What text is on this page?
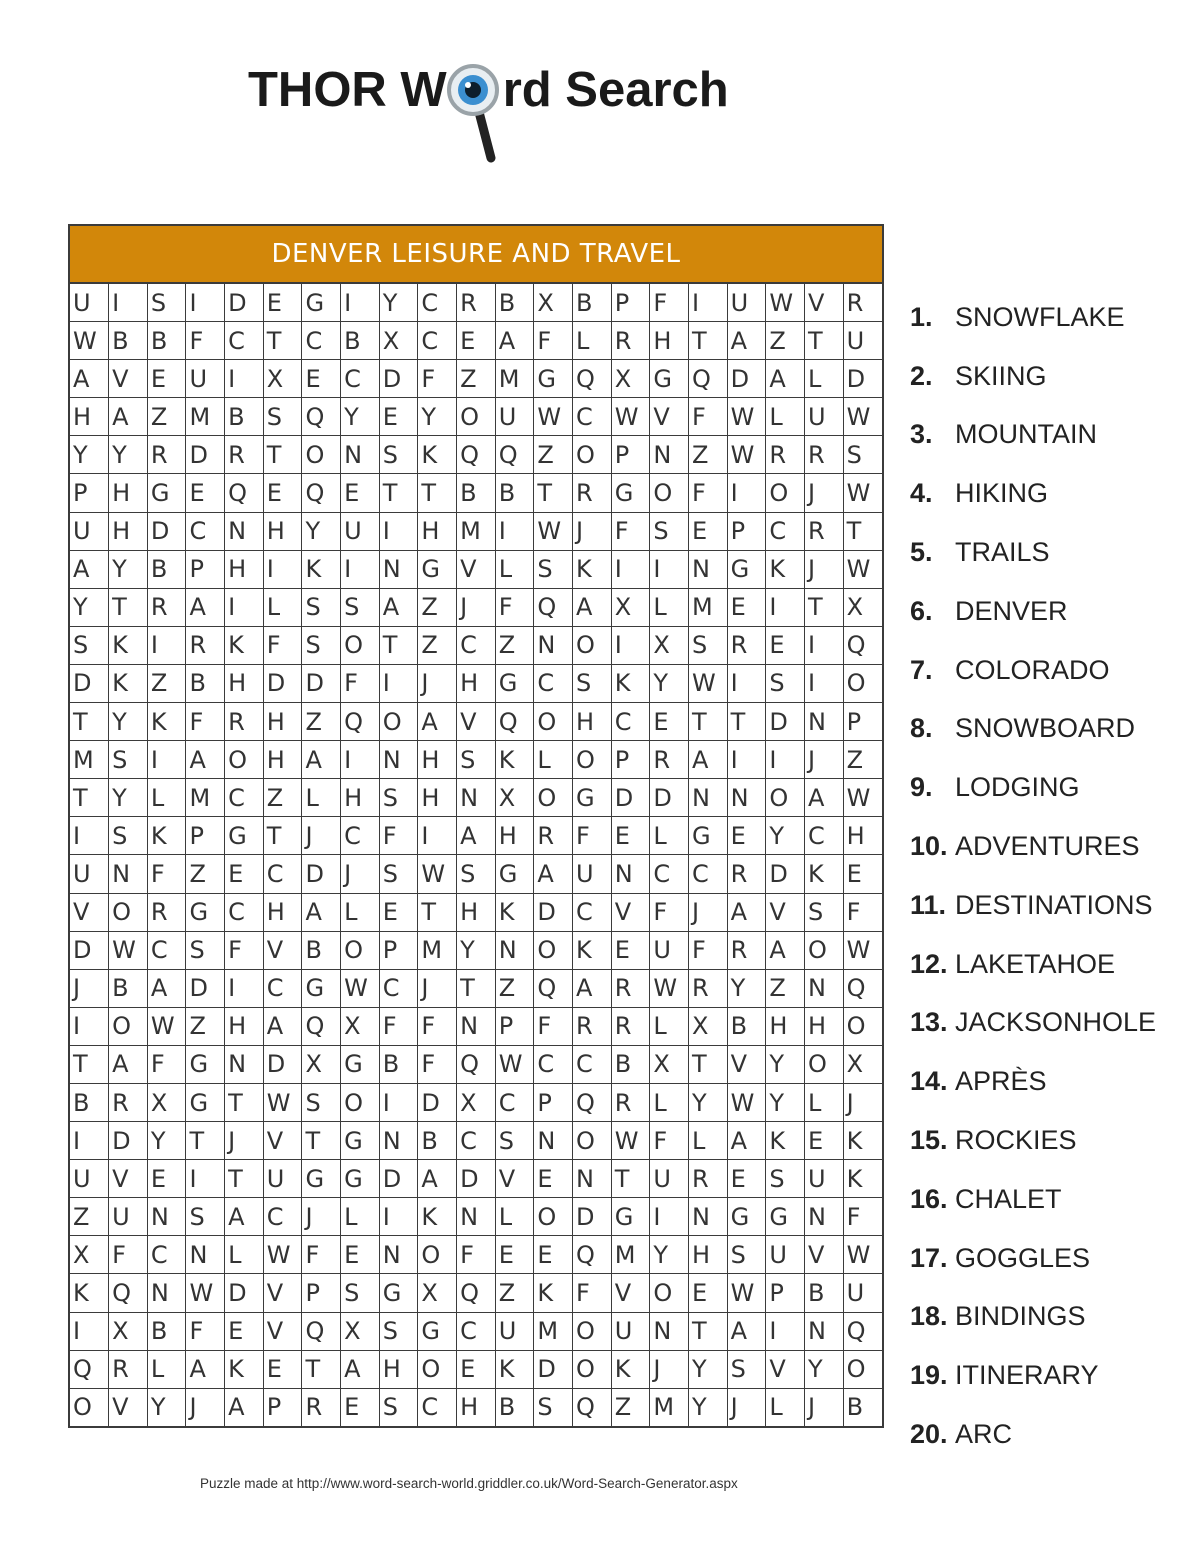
THOR W rd Search
DENVER LEISURE AND TRAVEL
U	I	S	I	D	E	G	I	Y	C	R	B	X	B	P	F	I	U	W	V	R
W	B	B	F	C	T	C	B	X	C	E	A	F	L	R	H	T	A	Z	T	U
A	V	E	U	I	X	E	C	D	F	Z	M	G	Q	X	G	Q	D	A	L	D
H	A	Z	M	B	S	Q	Y	E	Y	O	U	W	C	W	V	F	W	L	U	W
Y	Y	R	D	R	T	O	N	S	K	Q	Q	Z	O	P	N	Z	W	R	R	S
P	H	G	E	Q	E	Q	E	T	T	B	B	T	R	G	O	F	I	O	J	W
U	H	D	C	N	H	Y	U	I	H	M	I	W	J	F	S	E	P	C	R	T
A	Y	B	P	H	I	K	I	N	G	V	L	S	K	I	I	N	G	K	J	W
Y	T	R	A	I	L	S	S	A	Z	J	F	Q	A	X	L	M	E	I	T	X
S	K	I	R	K	F	S	O	T	Z	C	Z	N	O	I	X	S	R	E	I	Q
D	K	Z	B	H	D	D	F	I	J	H	G	C	S	K	Y	W	I	S	I	O
T	Y	K	F	R	H	Z	Q	O	A	V	Q	O	H	C	E	T	T	D	N	P
M	S	I	A	O	H	A	I	N	H	S	K	L	O	P	R	A	I	I	J	Z
T	Y	L	M	C	Z	L	H	S	H	N	X	O	G	D	D	N	N	O	A	W
I	S	K	P	G	T	J	C	F	I	A	H	R	F	E	L	G	E	Y	C	H
U	N	F	Z	E	C	D	J	S	W	S	G	A	U	N	C	C	R	D	K	E
V	O	R	G	C	H	A	L	E	T	H	K	D	C	V	F	J	A	V	S	F
D	W	C	S	F	V	B	O	P	M	Y	N	O	K	E	U	F	R	A	O	W
J	B	A	D	I	C	G	W	C	J	T	Z	Q	A	R	W	R	Y	Z	N	Q
I	O	W	Z	H	A	Q	X	F	F	N	P	F	R	R	L	X	B	H	H	O
T	A	F	G	N	D	X	G	B	F	Q	W	C	C	B	X	T	V	Y	O	X
B	R	X	G	T	W	S	O	I	D	X	C	P	Q	R	L	Y	W	Y	L	J
I	D	Y	T	J	V	T	G	N	B	C	S	N	O	W	F	L	A	K	E	K
U	V	E	I	T	U	G	G	D	A	D	V	E	N	T	U	R	E	S	U	K
Z	U	N	S	A	C	J	L	I	K	N	L	O	D	G	I	N	G	G	N	F
X	F	C	N	L	W	F	E	N	O	F	E	E	Q	M	Y	H	S	U	V	W
K	Q	N	W	D	V	P	S	G	X	Q	Z	K	F	V	O	E	W	P	B	U
I	X	B	F	E	V	Q	X	S	G	C	U	M	O	U	N	T	A	I	N	Q
Q	R	L	A	K	E	T	A	H	O	E	K	D	O	K	J	Y	S	V	Y	O
O	V	Y	J	A	P	R	E	S	C	H	B	S	Q	Z	M	Y	J	L	J	B
1. SNOWFLAKE
2. SKIING
3. MOUNTAIN
4. HIKING
5. TRAILS
6. DENVER
7. COLORADO
8. SNOWBOARD
9. LODGING
10. ADVENTURES
11. DESTINATIONS
12. LAKETAHOE
13. JACKSONHOLE
14. APRÈS
15. ROCKIES
16. CHALET
17. GOGGLES
18. BINDINGS
19. ITINERARY
20. ARC
Puzzle made at http://www.word-search-world.griddler.co.uk/Word-Search-Generator.aspx
